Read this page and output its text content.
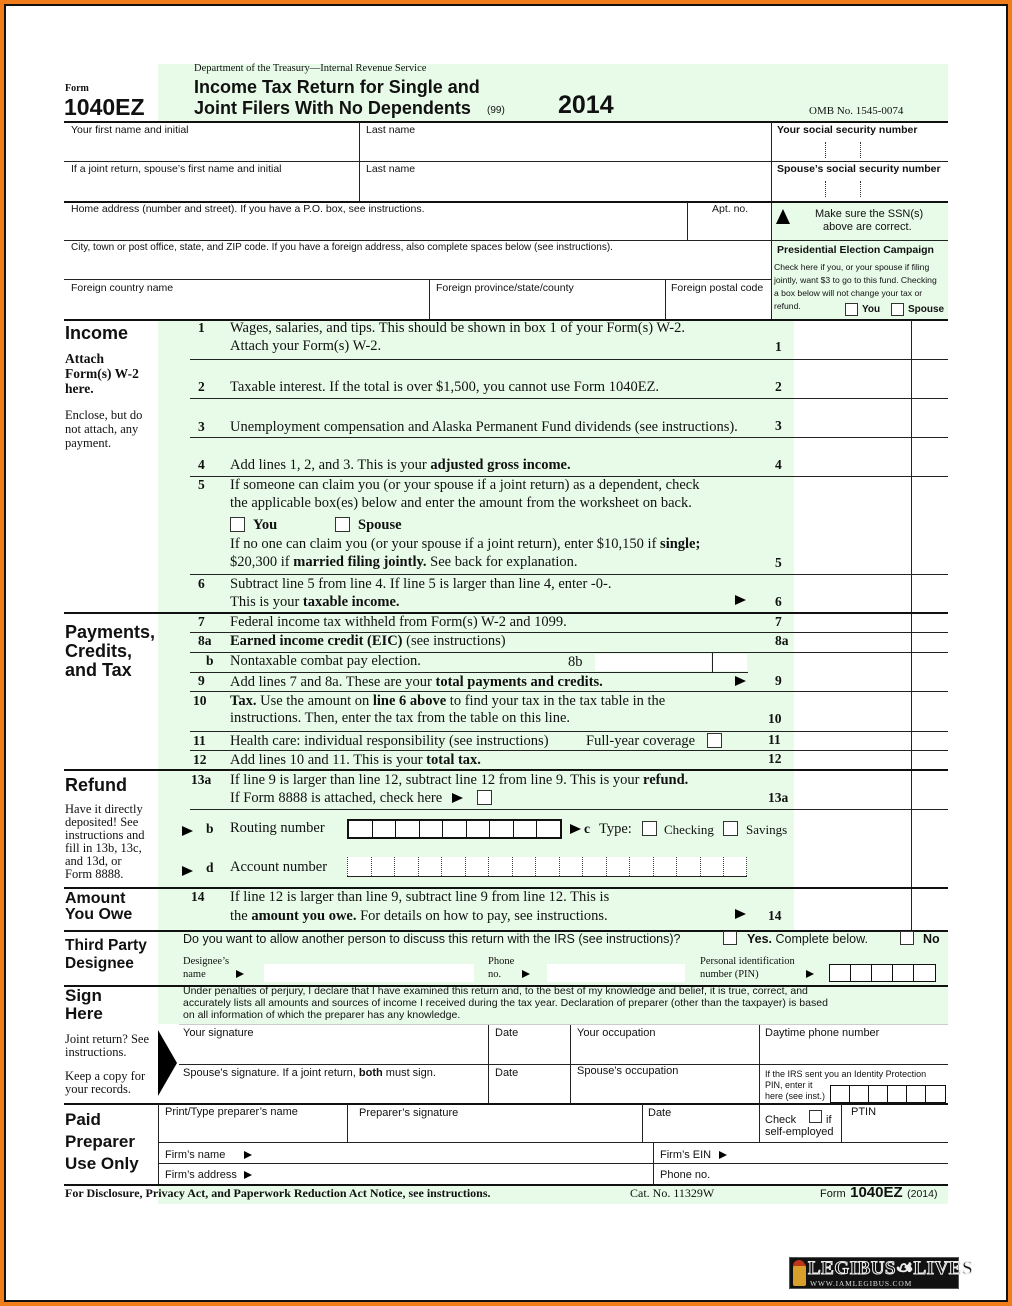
Form
1040EZ
Department of the Treasury—Internal Revenue Service
Income Tax Return for Single and
Joint Filers With No Dependents (99) 2014	OMB No. 1545-0074
Your first name and initial	Last name	Your social security number
If a joint return, spouse’s first name and initial	Last name	Spouse’s social security number
Home address (number and street). If you have a P.O. box, see instructions.	Apt. no.	Make sure the SSN(s)
above are correct.
City, town or post office, state, and ZIP code. If you have a foreign address, also complete spaces below (see instructions).	Presidential Election Campaign
Check here if you, or your spouse if filing
jointly, want $3 to go to this fund. Checking
a box below will not change your tax or
refund.	You	Spouse
Foreign country name	Foreign province/state/county	Foreign postal code
Income
Attach
Form(s) W-2
here.
Enclose, but do
not attach, any
payment.
1 Wages, salaries, and tips. This should be shown in box 1 of your Form(s) W-2.
Attach your Form(s) W-2.	1
2 Taxable interest. If the total is over $1,500, you cannot use Form 1040EZ.	2
3 Unemployment compensation and Alaska Permanent Fund dividends (see instructions).	3
4 Add lines 1, 2, and 3. This is your adjusted gross income.	4
5 If someone can claim you (or your spouse if a joint return) as a dependent, check
the applicable box(es) below and enter the amount from the worksheet on back.
You	Spouse
If no one can claim you (or your spouse if a joint return), enter $10,150 if single;
$20,300 if married filing jointly. See back for explanation.	5
6 Subtract line 5 from line 4. If line 5 is larger than line 4, enter -0-.
This is your taxable income.	6
Payments,
Credits,
and Tax
7 Federal income tax withheld from Form(s) W-2 and 1099.	7
8a Earned income credit (EIC) (see instructions)	8a
b Nontaxable combat pay election.	8b
9 Add lines 7 and 8a. These are your total payments and credits.	9
10 Tax. Use the amount on line 6 above to find your tax in the tax table in the
instructions. Then, enter the tax from the table on this line.	10
11 Health care: individual responsibility (see instructions)	Full-year coverage	11
12 Add lines 10 and 11. This is your total tax.	12
Refund
Have it directly
deposited! See
instructions and
fill in 13b, 13c,
and 13d, or
Form 8888.
13a If line 9 is larger than line 12, subtract line 12 from line 9. This is your refund.
If Form 8888 is attached, check here	13a
b Routing number	c Type: Checking Savings
d Account number
Amount
You Owe
14 If line 12 is larger than line 9, subtract line 9 from line 12. This is
the amount you owe. For details on how to pay, see instructions.	14
Third Party
Designee
Do you want to allow another person to discuss this return with the IRS (see instructions)?	Yes. Complete below.	No
Designee’s
name
Phone
no.
Personal identification
number (PIN)
Sign
Here
Under penalties of perjury, I declare that I have examined this return and, to the best of my knowledge and belief, it is true, correct, and
accurately lists all amounts and sources of income I received during the tax year. Declaration of preparer (other than the taxpayer) is based
on all information of which the preparer has any knowledge.
Joint return? See
instructions.
Keep a copy for
your records.
Your signature	Date	Your occupation	Daytime phone number
Spouse’s signature. If a joint return, both must sign.	Date	Spouse’s occupation	If the IRS sent you an Identity Protection
PIN, enter it
here (see inst.)
Paid
Preparer
Use Only
Print/Type preparer’s name	Preparer’s signature	Date
Check	if
self-employed
PTIN
Firm’s name	Firm’s EIN
Firm’s address	Phone no.
For Disclosure, Privacy Act, and Paperwork Reduction Act Notice, see instructions.	Cat. No. 11329W	Form 1040EZ (2014)
LEGIBUS☙LIVES
WWW.IAMLEGIBUS.COM
